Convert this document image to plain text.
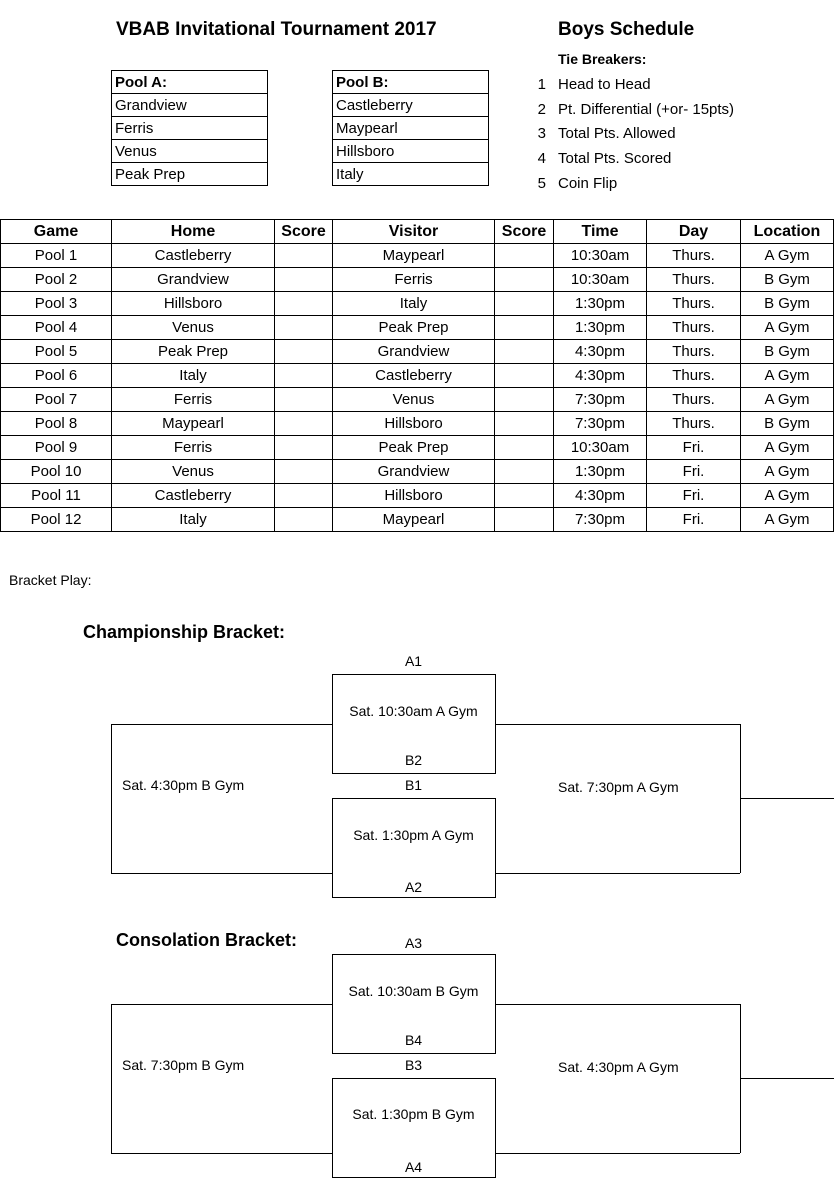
VBAB Invitational Tournament 2017	Boys Schedule
Tie Breakers:
Pool A:
Grandview
Ferris
Venus
Peak Prep
Pool B:
Castleberry
Maypearl
Hillsboro
Italy
1 Head to Head
2 Pt. Differential (+or- 15pts)
3 Total Pts. Allowed
4 Total Pts. Scored
5 Coin Flip
Game	Home	Score	Visitor	Score	Time	Day	Location
Pool 1	Castleberry		Maypearl		10:30am	Thurs.	A Gym
Pool 2	Grandview		Ferris		10:30am	Thurs.	B Gym
Pool 3	Hillsboro		Italy		1:30pm	Thurs.	B Gym
Pool 4	Venus		Peak Prep		1:30pm	Thurs.	A Gym
Pool 5	Peak Prep		Grandview		4:30pm	Thurs.	B Gym
Pool 6	Italy		Castleberry		4:30pm	Thurs.	A Gym
Pool 7	Ferris		Venus		7:30pm	Thurs.	A Gym
Pool 8	Maypearl		Hillsboro		7:30pm	Thurs.	B Gym
Pool 9	Ferris		Peak Prep		10:30am	Fri.	A Gym
Pool 10	Venus		Grandview		1:30pm	Fri.	A Gym
Pool 11	Castleberry		Hillsboro		4:30pm	Fri.	A Gym
Pool 12	Italy		Maypearl		7:30pm	Fri.	A Gym
Bracket Play:
Championship Bracket:
A1
Sat. 10:30am A Gym
B2
B1
Sat. 1:30pm A Gym
A2
Sat. 4:30pm B Gym	Sat. 7:30pm A Gym
Consolation Bracket:	A3
Sat. 10:30am B Gym
B4
B3
Sat. 1:30pm B Gym
A4
Sat. 7:30pm B Gym	Sat. 4:30pm A Gym
